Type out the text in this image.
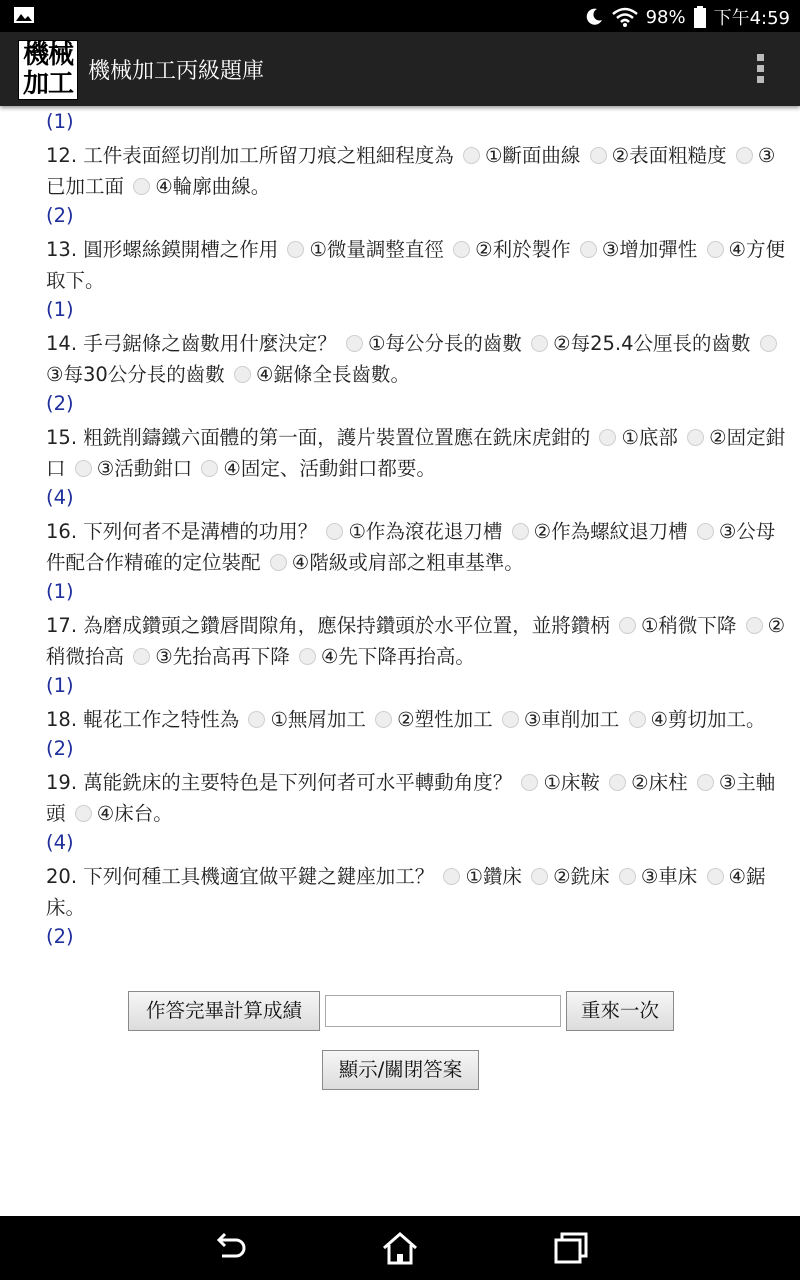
98% 下午4:59
機械
加工 機械加工丙級題庫

(1)

12. 工件表面經切削加工所留刀痕之粗細程度為 ①斷面曲線 ②表面粗糙度 ③已加工面 ④輪廓曲線。

(2)

13. 圓形螺絲鏌開槽之作用 ①微量調整直徑 ②利於製作 ③增加彈性 ④方便取下。

(1)

14. 手弓鋸條之齒數用什麼決定？ ①每公分長的齒數 ②每25.4公厘長的齒數 ③每30公分長的齒數 ④鋸條全長齒數。

(2)

15. 粗銑削鑄鐵六面體的第一面，護片裝置位置應在銑床虎鉗的 ①底部 ②固定鉗口 ③活動鉗口 ④固定、活動鉗口都要。

(4)

16. 下列何者不是溝槽的功用？ ①作為滾花退刀槽 ②作為螺紋退刀槽 ③公母件配合作精確的定位裝配 ④階級或肩部之粗車基準。

(1)

17. 為磨成鑽頭之鑽唇間隙角，應保持鑽頭於水平位置，並將鑽柄 ①稍微下降 ②稍微抬高 ③先抬高再下降 ④先下降再抬高。

(1)

18. 輥花工作之特性為 ①無屑加工 ②塑性加工 ③車削加工 ④剪切加工。

(2)

19. 萬能銑床的主要特色是下列何者可水平轉動角度？ ①床鞍 ②床柱 ③主軸頭 ④床台。

(4)

20. 下列何種工具機適宜做平鍵之鍵座加工？ ①鑽床 ②銑床 ③車床 ④鋸床。

(2)

作答完畢計算成績	重來一次
顯示/關閉答案
